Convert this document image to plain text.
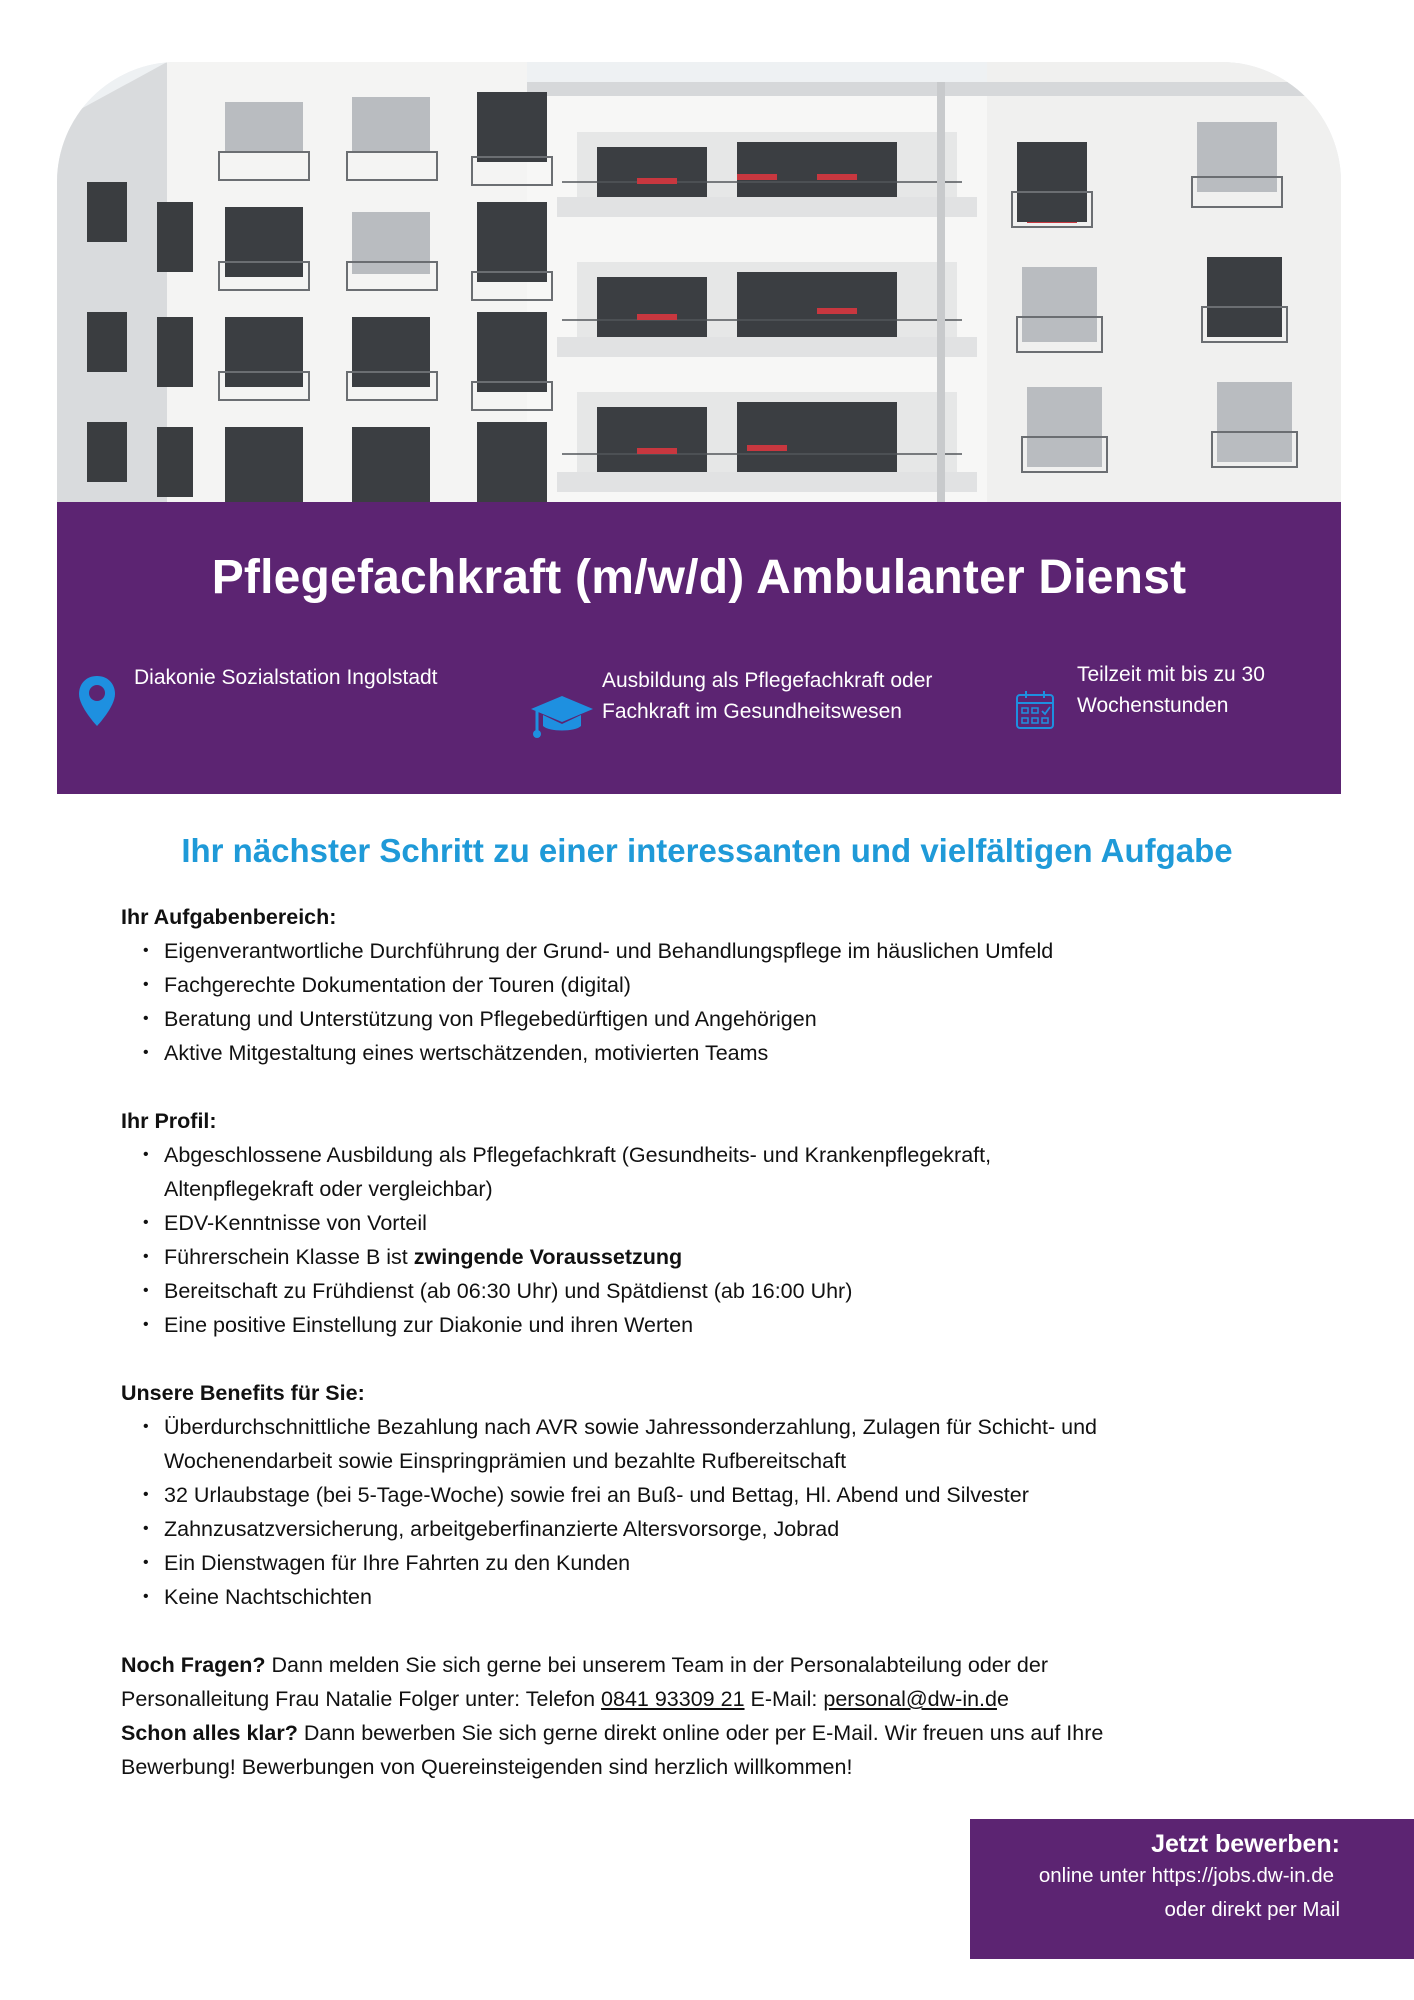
Pflegefachkraft (m/w/d) Ambulanter Dienst
Diakonie Sozialstation Ingolstadt	Ausbildung als Pflegefachkraft oder
Fachkraft im Gesundheitswesen
Teilzeit mit bis zu 30
Wochenstunden
Ihr nächster Schritt zu einer interessanten und vielfältigen Aufgabe

Ihr Aufgabenbereich:

• Eigenverantwortliche Durchführung der Grund- und Behandlungspflege im häuslichen Umfeld
• Fachgerechte Dokumentation der Touren (digital)
• Beratung und Unterstützung von Pflegebedürftigen und Angehörigen
• Aktive Mitgestaltung eines wertschätzenden, motivierten Teams

Ihr Profil:

• Abgeschlossene Ausbildung als Pflegefachkraft (Gesundheits- und Krankenpflegekraft,
Altenpflegekraft oder vergleichbar)
• EDV-Kenntnisse von Vorteil
• Führerschein Klasse B ist zwingende Voraussetzung
• Bereitschaft zu Frühdienst (ab 06:30 Uhr) und Spätdienst (ab 16:00 Uhr)
• Eine positive Einstellung zur Diakonie und ihren Werten

Unsere Benefits für Sie:

• Überdurchschnittliche Bezahlung nach AVR sowie Jahressonderzahlung, Zulagen für Schicht- und
Wochenendarbeit sowie Einspringprämien und bezahlte Rufbereitschaft
• 32 Urlaubstage (bei 5-Tage-Woche) sowie frei an Buß- und Bettag, Hl. Abend und Silvester
• Zahnzusatzversicherung, arbeitgeberfinanzierte Altersvorsorge, Jobrad
• Ein Dienstwagen für Ihre Fahrten zu den Kunden
• Keine Nachtschichten

Noch Fragen? Dann melden Sie sich gerne bei unserem Team in der Personalabteilung oder der
Personalleitung Frau Natalie Folger unter: Telefon 0841 93309 21 E-Mail: personal@dw-in.de
Schon alles klar? Dann bewerben Sie sich gerne direkt online oder per E-Mail. Wir freuen uns auf Ihre
Bewerbung! Bewerbungen von Quereinsteigenden sind herzlich willkommen!

Jetzt bewerben:
online unter https://jobs.dw-in.de
oder direkt per Mail
